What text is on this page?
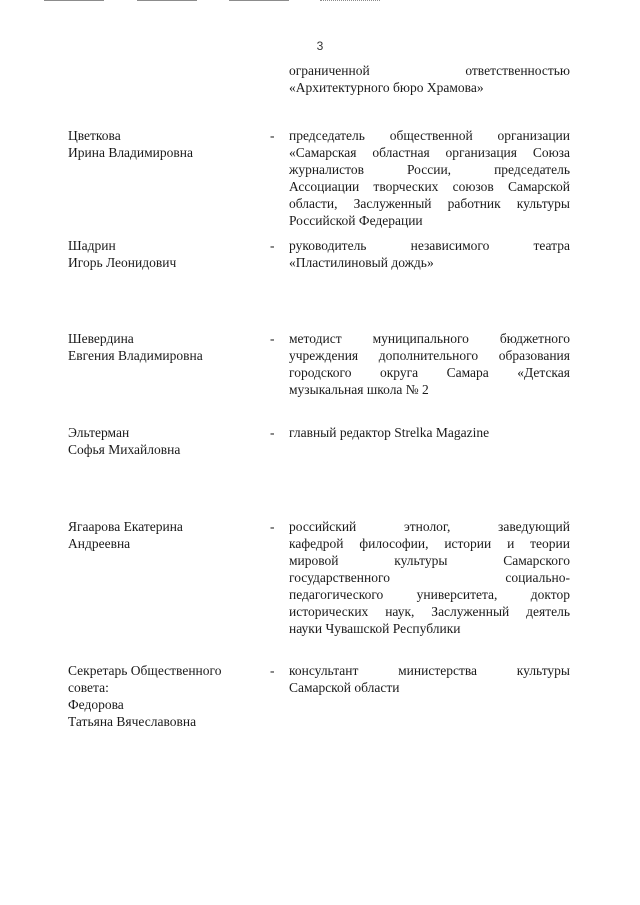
3
ограниченной ответственностью
«Архитектурного бюро Храмова»
Цветкова
Ирина Владимировна
- председатель общественной организации
«Самарская областная организация Союза
журналистов России, председатель
Ассоциации творческих союзов Самарской
области, Заслуженный работник культуры
Российской Федерации
Шадрин
Игорь Леонидович
- руководитель независимого театра
«Пластилиновый дождь»
Шевердина
Евгения Владимировна
- методист муниципального бюджетного
учреждения дополнительного образования
городского округа Самара «Детская
музыкальная школа № 2
Эльтерман
Софья Михайловна
- главный редактор Strelka Magazine
Ягаарова Екатерина
Андреевна
- российский этнолог, заведующий
кафедрой философии, истории и теории
мировой культуры Самарского
государственного социально-
педагогического университета, доктор
исторических наук, Заслуженный деятель
науки Чувашской Республики
Секретарь Общественного
совета:
Федорова
Татьяна Вячеславовна
- консультант министерства культуры
Самарской области
